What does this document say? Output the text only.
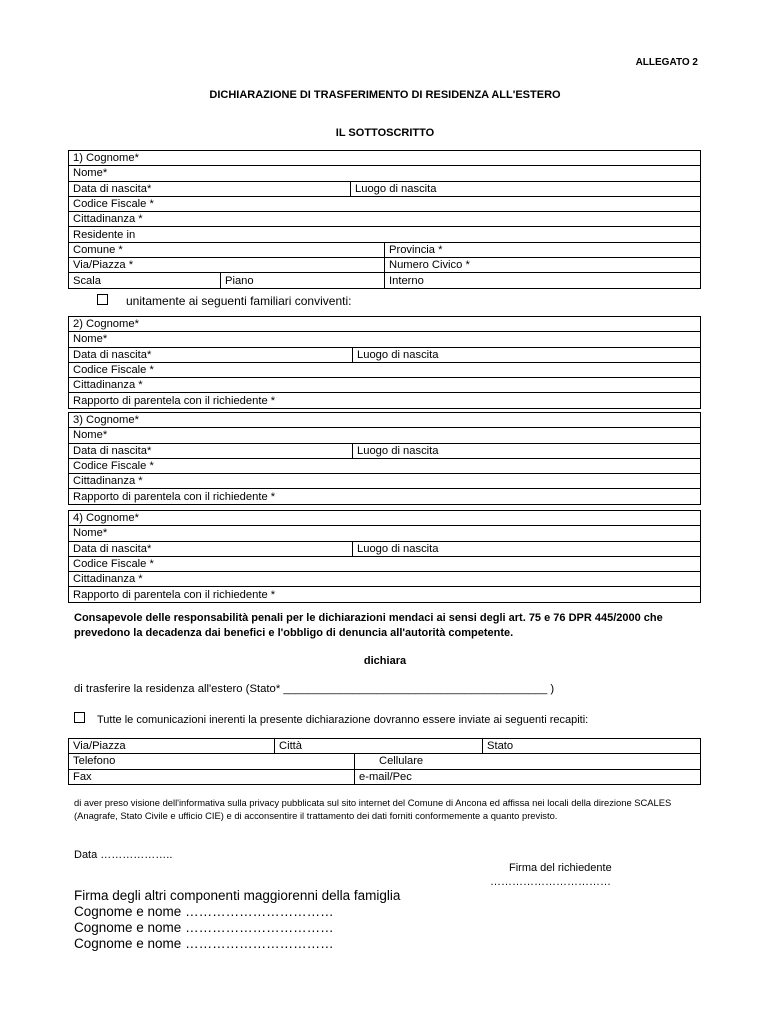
ALLEGATO 2
DICHIARAZIONE DI TRASFERIMENTO DI RESIDENZA ALL'ESTERO
IL SOTTOSCRITTO
1) Cognome*			
Nome*			
Data di nascita*		Luogo di nascita	
Codice Fiscale *			
Cittadinanza *			
Residente in			
Comune *			Provincia *
Via/Piazza *			Numero Civico *
Scala	Piano		Interno
unitamente ai seguenti familiari conviventi:
2) Cognome*
Nome*
Data di nascita*	Luogo di nascita
Codice Fiscale *
Cittadinanza *
Rapporto di parentela con il richiedente *
3) Cognome*
Nome*
Data di nascita*	Luogo di nascita
Codice Fiscale *
Cittadinanza *
Rapporto di parentela con il richiedente *
4) Cognome*
Nome*
Data di nascita*	Luogo di nascita
Codice Fiscale *
Cittadinanza *
Rapporto di parentela con il richiedente *
Consapevole delle responsabilità penali per le dichiarazioni mendaci ai sensi degli art. 75 e 76 DPR 445/2000 che prevedono la decadenza dai benefici e l'obbligo di denuncia all'autorità competente.
dichiara
di trasferire la residenza all'estero (Stato* __________________________________________ )
Tutte le comunicazioni inerenti la presente dichiarazione dovranno essere inviate ai seguenti recapiti:
Via/Piazza	Città		Stato
Telefono		Cellulare	
Fax		e-mail/Pec	
di aver preso visione dell'informativa sulla privacy pubblicata sul sito internet del Comune di Ancona ed affissa nei locali della direzione SCALES (Anagrafe, Stato Civile e ufficio CIE) e di acconsentire il trattamento dei dati forniti conformemente a quanto previsto.
Data ………………..
Firma del richiedente
……………………………
Firma degli altri componenti maggiorenni della famiglia
Cognome e nome ……………………………
Cognome e nome ……………………………
Cognome e nome ……………………………
